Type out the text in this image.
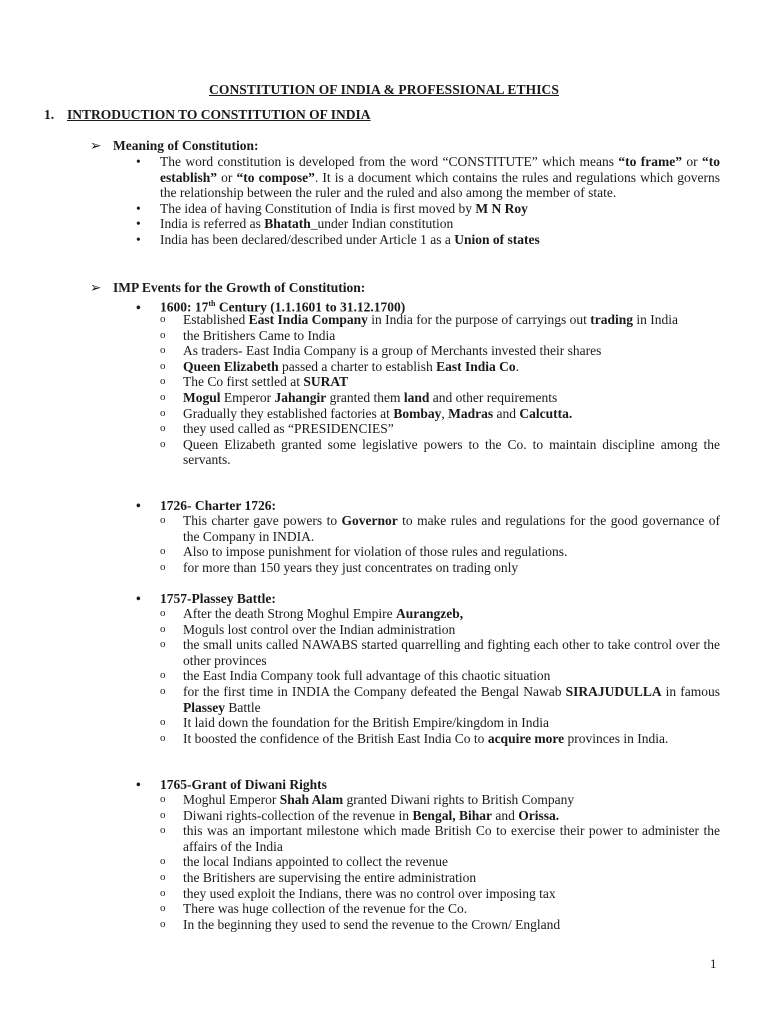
CONSTITUTION OF INDIA & PROFESSIONAL ETHICS
1. INTRODUCTION TO CONSTITUTION OF INDIA
➢ Meaning of Constitution:
•	The word constitution is developed from the word “CONSTITUTE” which means “to frame” or “to establish” or “to compose”. It is a document which contains the rules and regulations which governs the relationship between the ruler and the ruled and also among the member of state.
•	The idea of having Constitution of India is first moved by M N Roy
•	India is referred as Bhatath_under Indian constitution
•	India has been declared/described under Article 1 as a Union of states
➢ IMP Events for the Growth of Constitution:
• 1600: 17th Century (1.1.1601 to 31.12.1700)
o Established East India Company in India for the purpose of carryings out trading in India
o the Britishers Came to India
o As traders- East India Company is a group of Merchants invested their shares
o Queen Elizabeth passed a charter to establish East India Co.
o The Co first settled at SURAT
o Mogul Emperor Jahangir granted them land and other requirements
o Gradually they established factories at Bombay, Madras and Calcutta.
o they used called as “PRESIDENCIES”
o Queen Elizabeth granted some legislative powers to the Co. to maintain discipline among the servants.
• 1726- Charter 1726:
o This charter gave powers to Governor to make rules and regulations for the good governance of the Company in INDIA.
o Also to impose punishment for violation of those rules and regulations.
o for more than 150 years they just concentrates on trading only
• 1757-Plassey Battle:
o After the death Strong Moghul Empire Aurangzeb,
o Moguls lost control over the Indian administration
o the small units called NAWABS started quarrelling and fighting each other to take control over the other provinces
o the East India Company took full advantage of this chaotic situation
o for the first time in INDIA the Company defeated the Bengal Nawab SIRAJUDULLA in famous Plassey Battle
o It laid down the foundation for the British Empire/kingdom in India
o It boosted the confidence of the British East India Co to acquire more provinces in India.
• 1765-Grant of Diwani Rights
o Moghul Emperor Shah Alam granted Diwani rights to British Company
o Diwani rights-collection of the revenue in Bengal, Bihar and Orissa.
o this was an important milestone which made British Co to exercise their power to administer the affairs of the India
o the local Indians appointed to collect the revenue
o the Britishers are supervising the entire administration
o they used exploit the Indians, there was no control over imposing tax
o There was huge collection of the revenue for the Co.
o In the beginning they used to send the revenue to the Crown/ England
1
